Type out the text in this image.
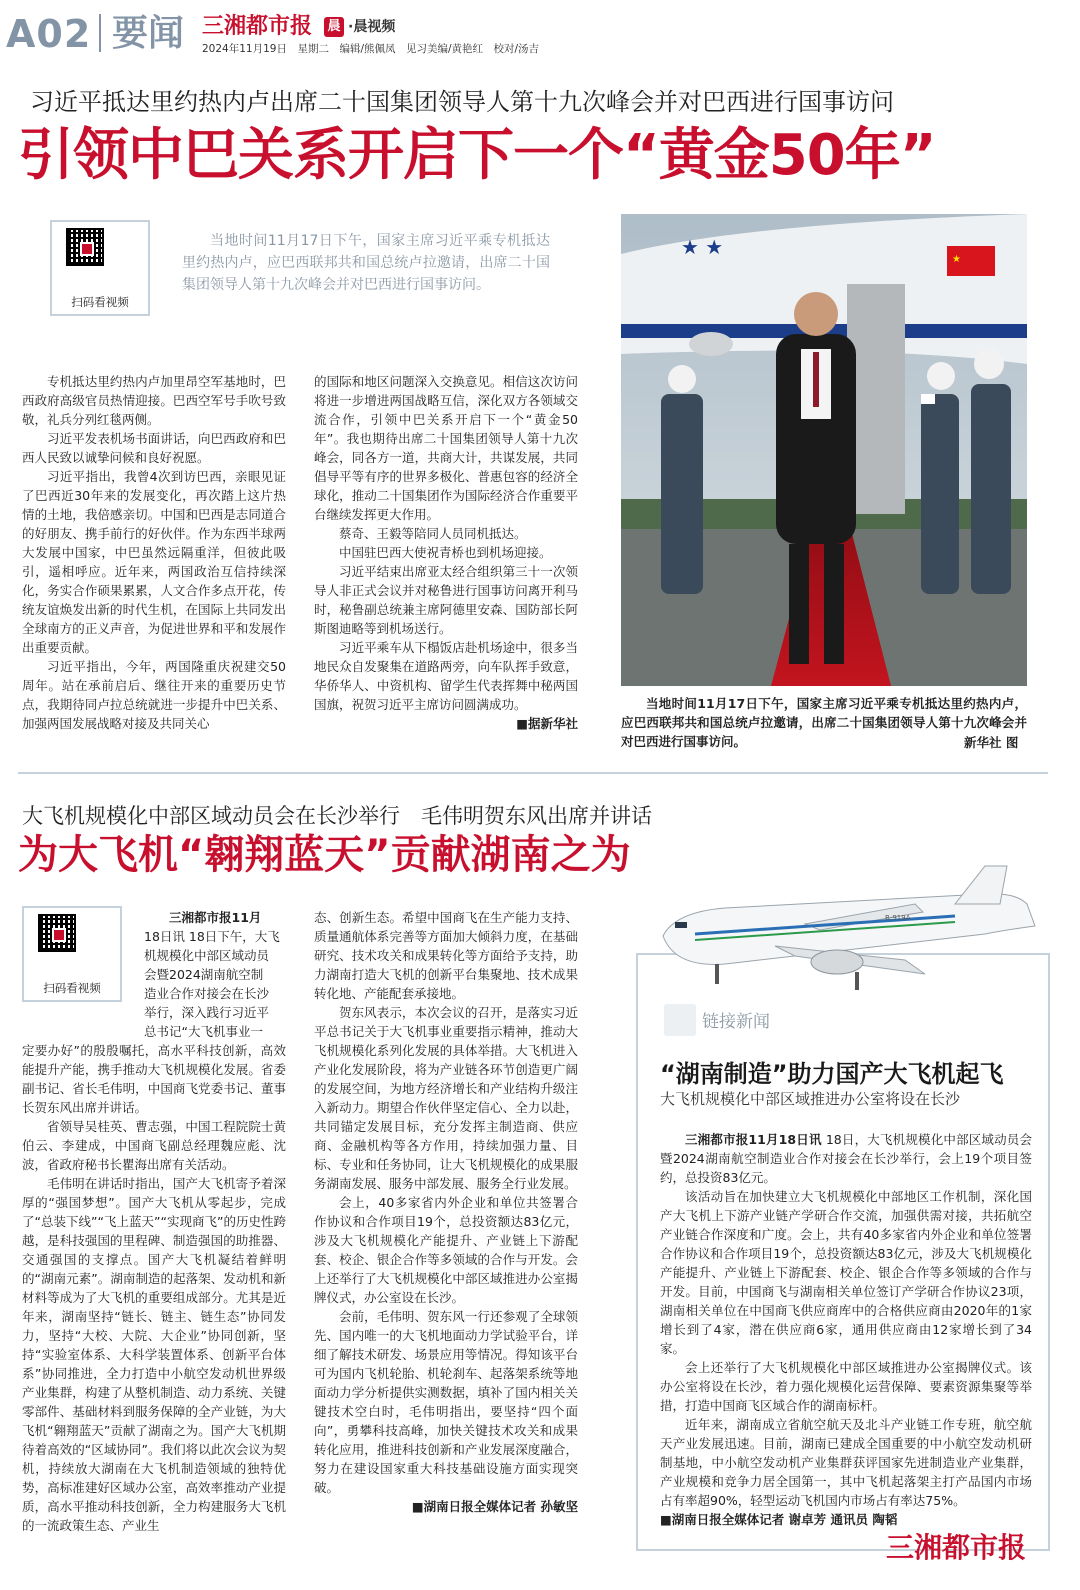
A02 要闻 三湘都市报 晨 ·晨视频
2024年11月19日　星期二　编辑/熊佩凤　见习美编/黄艳红　校对/汤吉
习近平抵达里约热内卢出席二十国集团领导人第十九次峰会并对巴西进行国事访问
引领中巴关系开启下一个“黄金50年”
扫码看视频
当地时间11月17日下午，国家主席习近平乘专机抵达里约热内卢，应巴西联邦共和国总统卢拉邀请，出席二十国集团领导人第十九次峰会并对巴西进行国事访问。

专机抵达里约热内卢加里昂空军基地时，巴西政府高级官员热情迎接。巴西空军号手吹号致敬，礼兵分列红毯两侧。

习近平发表机场书面讲话，向巴西政府和巴西人民致以诚挚问候和良好祝愿。

习近平指出，我曾4次到访巴西，亲眼见证了巴西近30年来的发展变化，再次踏上这片热情的土地，我倍感亲切。中国和巴西是志同道合的好朋友、携手前行的好伙伴。作为东西半球两大发展中国家，中巴虽然远隔重洋，但彼此吸引，遥相呼应。近年来，两国政治互信持续深化，务实合作硕果累累，人文合作多点开花，传统友谊焕发出新的时代生机，在国际上共同发出全球南方的正义声音，为促进世界和平和发展作出重要贡献。

习近平指出，今年，两国隆重庆祝建交50周年。站在承前启后、继往开来的重要历史节点，我期待同卢拉总统就进一步提升中巴关系、加强两国发展战略对接及共同关心

的国际和地区问题深入交换意见。相信这次访问将进一步增进两国战略互信，深化双方各领域交流合作，引领中巴关系开启下一个“黄金50年”。我也期待出席二十国集团领导人第十九次峰会，同各方一道，共商大计，共谋发展，共同倡导平等有序的世界多极化、普惠包容的经济全球化，推动二十国集团作为国际经济合作重要平台继续发挥更大作用。

蔡奇、王毅等陪同人员同机抵达。

中国驻巴西大使祝青桥也到机场迎接。

习近平结束出席亚太经合组织第三十一次领导人非正式会议并对秘鲁进行国事访问离开利马时，秘鲁副总统兼主席阿德里安森、国防部长阿斯图迪略等到机场送行。

习近平乘车从下榻饭店赴机场途中，很多当地民众自发聚集在道路两旁，向车队挥手致意，华侨华人、中资机构、留学生代表挥舞中秘两国国旗，祝贺习近平主席访问圆满成功。

■据新华社
★ ★
★
当地时间11月17日下午，国家主席习近平乘专机抵达里约热内卢，应巴西联邦共和国总统卢拉邀请，出席二十国集团领导人第十九次峰会并对巴西进行国事访问。	新华社 图
大飞机规模化中部区域动员会在长沙举行　毛伟明贺东风出席并讲话
为大飞机“翱翔蓝天”贡献湖南之为
扫码看视频
三湘都市报11月
18日讯 18日下午，大飞
机规模化中部区域动员
会暨2024湖南航空制
造业合作对接会在长沙
举行，深入践行习近平
总书记“大飞机事业一

定要办好”的殷殷嘱托，高水平科技创新，高效能提升产能，携手推动大飞机规模化发展。省委副书记、省长毛伟明，中国商飞党委书记、董事长贺东风出席并讲话。

省领导吴桂英、曹志强，中国工程院院士黄伯云、李建成，中国商飞副总经理魏应彪、沈波，省政府秘书长瞿海出席有关活动。

毛伟明在讲话时指出，国产大飞机寄予着深厚的“强国梦想”。国产大飞机从零起步，完成了“总装下线”“飞上蓝天”“实现商飞”的历史性跨越，是科技强国的里程碑、制造强国的助推器、交通强国的支撑点。国产大飞机凝结着鲜明的“湖南元素”。湖南制造的起落架、发动机和新材料等成为了大飞机的重要组成部分。尤其是近年来，湖南坚持“链长、链主、链生态”协同发力，坚持“大校、大院、大企业”协同创新，坚持“实验室体系、大科学装置体系、创新平台体系”协同推进，全力打造中小航空发动机世界级产业集群，构建了从整机制造、动力系统、关键零部件、基础材料到服务保障的全产业链，为大飞机“翱翔蓝天”贡献了湖南之为。国产大飞机期待着高效的“区域协同”。我们将以此次会议为契机，持续放大湖南在大飞机制造领域的独特优势，高标准建好区域办公室，高效率推动产业提质，高水平推动科技创新，全力构建服务大飞机的一流政策生态、产业生

态、创新生态。希望中国商飞在生产能力支持、质量通航体系完善等方面加大倾斜力度，在基础研究、技术攻关和成果转化等方面给予支持，助力湖南打造大飞机的创新平台集聚地、技术成果转化地、产能配套承接地。

贺东风表示，本次会议的召开，是落实习近平总书记关于大飞机事业重要指示精神，推动大飞机规模化系列化发展的具体举措。大飞机进入产业化发展阶段，将为产业链各环节创造更广阔的发展空间，为地方经济增长和产业结构升级注入新动力。期望合作伙伴坚定信心、全力以赴，共同锚定发展目标，充分发挥主制造商、供应商、金融机构等各方作用，持续加强力量、目标、专业和任务协同，让大飞机规模化的成果服务湖南发展、服务中部发展、服务全行业发展。

会上，40多家省内外企业和单位共签署合作协议和合作项目19个，总投资额达83亿元，涉及大飞机规模化产能提升、产业链上下游配套、校企、银企合作等多领域的合作与开发。会上还举行了大飞机规模化中部区域推进办公室揭牌仪式，办公室设在长沙。

会前，毛伟明、贺东风一行还参观了全球领先、国内唯一的大飞机地面动力学试验平台，详细了解技术研发、场景应用等情况。得知该平台可为国内飞机轮胎、机轮刹车、起落架系统等地面动力学分析提供实测数据，填补了国内相关关键技术空白时，毛伟明指出，要坚持“四个面向”，勇攀科技高峰，加快关键技术攻关和成果转化应用，推进科技创新和产业发展深度融合，努力在建设国家重大科技基础设施方面实现突破。

■湖南日报全媒体记者 孙敏坚
B-919A
链接新闻
“湖南制造”助力国产大飞机起飞
大飞机规模化中部区域推进办公室将设在长沙

三湘都市报11月18日讯 18日，大飞机规模化中部区域动员会暨2024湖南航空制造业合作对接会在长沙举行，会上19个项目签约，总投资83亿元。

该活动旨在加快建立大飞机规模化中部地区工作机制，深化国产大飞机上下游产业链产学研合作交流，加强供需对接，共拓航空产业链合作深度和广度。会上，共有40多家省内外企业和单位签署合作协议和合作项目19个，总投资额达83亿元，涉及大飞机规模化产能提升、产业链上下游配套、校企、银企合作等多领域的合作与开发。目前，中国商飞与湖南相关单位签订产学研合作协议23项，湖南相关单位在中国商飞供应商库中的合格供应商由2020年的1家增长到了4家，潜在供应商6家，通用供应商由12家增长到了34家。

会上还举行了大飞机规模化中部区域推进办公室揭牌仪式。该办公室将设在长沙，着力强化规模化运营保障、要素资源集聚等举措，打造中国商飞区域合作的湖南标杆。

近年来，湖南成立省航空航天及北斗产业链工作专班，航空航天产业发展迅速。目前，湖南已建成全国重要的中小航空发动机研制基地，中小航空发动机产业集群获评国家先进制造业产业集群，产业规模和竞争力居全国第一，其中飞机起落架主打产品国内市场占有率超90%，轻型运动飞机国内市场占有率达75%。

■湖南日报全媒体记者 谢卓芳 通讯员 陶韬
三湘都市报
